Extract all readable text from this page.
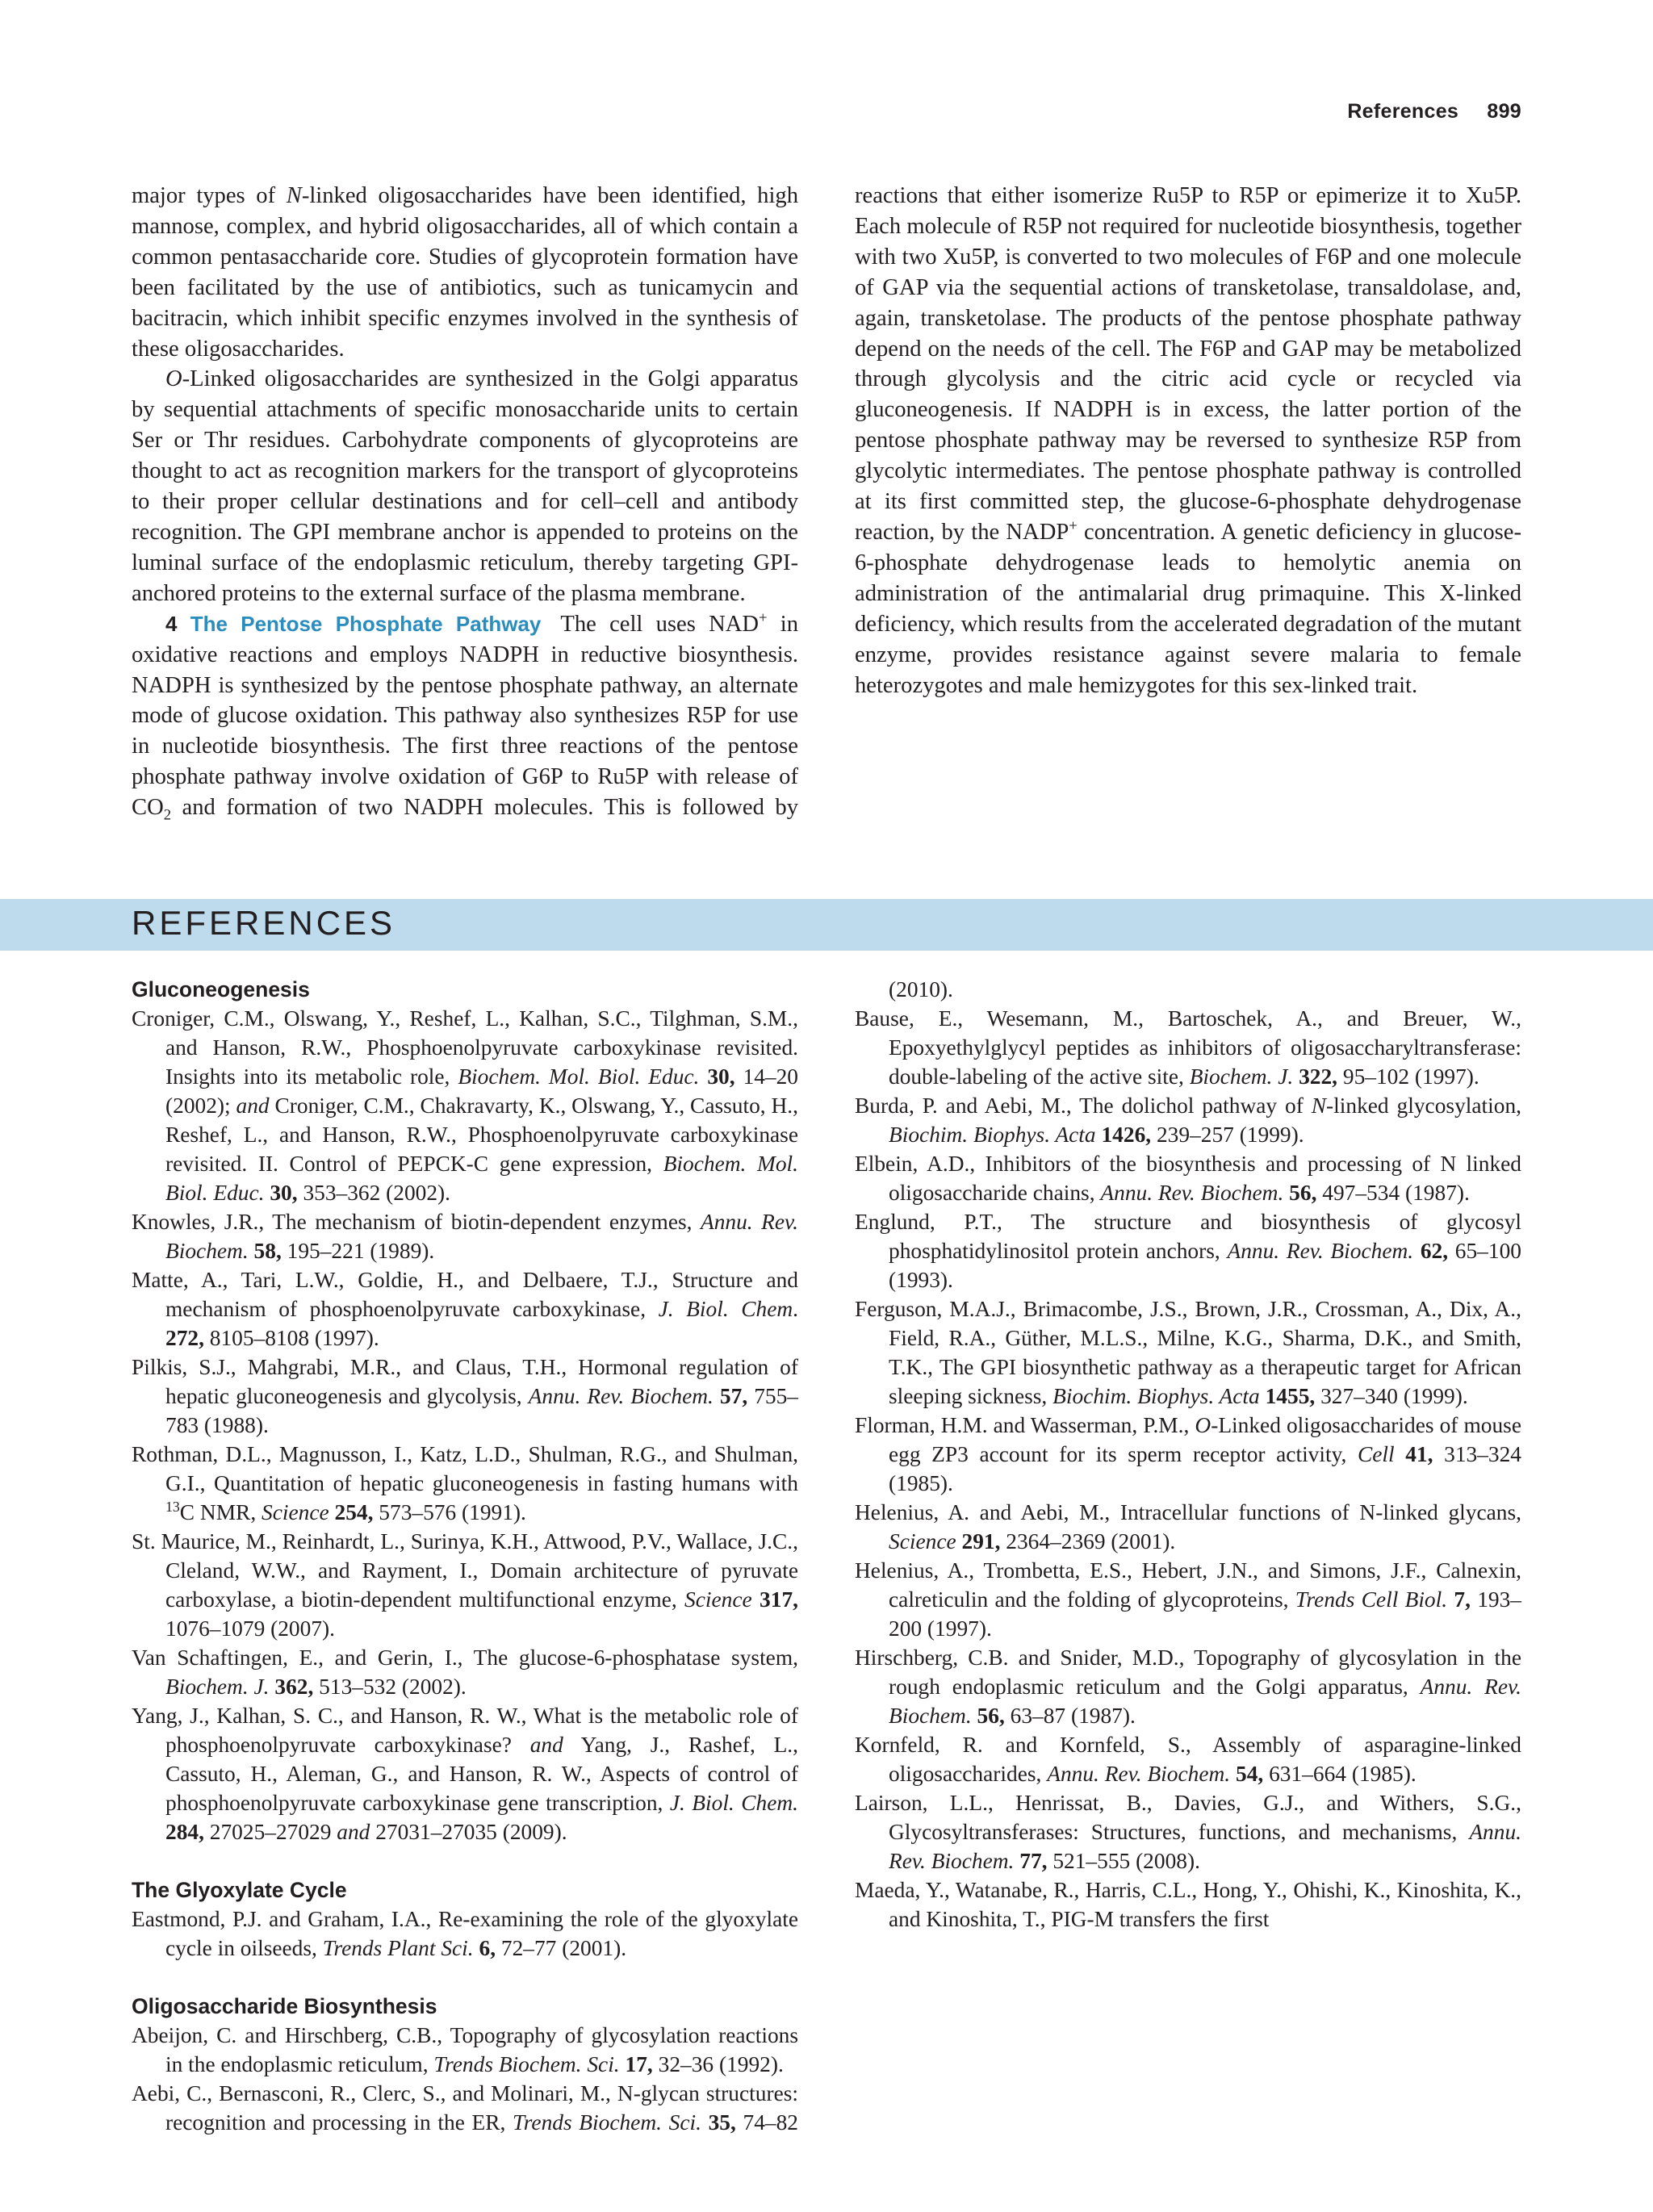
References 899

major types of N-linked oligosaccharides have been identified, high mannose, complex, and hybrid oligosaccharides, all of which contain a common pentasaccharide core. Studies of glycoprotein formation have been facilitated by the use of antibiotics, such as tunicamycin and bacitracin, which inhibit specific enzymes involved in the synthesis of these oligosaccharides.

O-Linked oligosaccharides are synthesized in the Golgi apparatus by sequential attachments of specific monosaccharide units to certain Ser or Thr residues. Carbohydrate components of glycoproteins are thought to act as recognition markers for the transport of glycoproteins to their proper cellular destinations and for cell–cell and antibody recognition. The GPI membrane anchor is appended to proteins on the luminal surface of the endoplasmic reticulum, thereby targeting GPI-anchored proteins to the external surface of the plasma membrane.

4 The Pentose Phosphate Pathway The cell uses NAD+ in oxidative reactions and employs NADPH in reductive biosynthesis. NADPH is synthesized by the pentose phosphate pathway, an alternate mode of glucose oxidation. This pathway also synthesizes R5P for use in nucleotide biosynthesis. The first three reactions of the pentose phosphate pathway involve oxidation of G6P to Ru5P with release of $CO_2$ and formation of two NADPH molecules. This is followed by reactions that either isomerize Ru5P to R5P or epimerize it to Xu5P. Each molecule of R5P not required for nucleotide biosynthesis, together with two Xu5P, is converted to two molecules of F6P and one molecule of GAP via the sequential actions of transketolase, transaldolase, and, again, transketolase. The products of the pentose phosphate pathway depend on the needs of the cell. The F6P and GAP may be metabolized through glycolysis and the citric acid cycle or recycled via gluconeogenesis. If NADPH is in excess, the latter portion of the pentose phosphate pathway may be reversed to synthesize R5P from glycolytic intermediates. The pentose phosphate pathway is controlled at its first committed step, the glucose-6-phosphate dehydrogenase reaction, by the NADP+ concentration. A genetic deficiency in glucose-6-phosphate dehydrogenase leads to hemolytic anemia on administration of the antimalarial drug primaquine. This X-linked deficiency, which results from the accelerated degradation of the mutant enzyme, provides resistance against severe malaria to female heterozygotes and male hemizygotes for this sex-linked trait.

REFERENCES
Gluconeogenesis
Croniger, C.M., Olswang, Y., Reshef, L., Kalhan, S.C., Tilghman, S.M., and Hanson, R.W., Phosphoenolpyruvate carboxykinase revisited. Insights into its metabolic role, Biochem. Mol. Biol. Educ. 30, 14–20 (2002); and Croniger, C.M., Chakravarty, K., Olswang, Y., Cassuto, H., Reshef, L., and Hanson, R.W., Phosphoenolpyruvate carboxykinase revisited. II. Control of PEPCK-C gene expression, Biochem. Mol. Biol. Educ. 30, 353–362 (2002).
Knowles, J.R., The mechanism of biotin-dependent enzymes, Annu. Rev. Biochem. 58, 195–221 (1989).
Matte, A., Tari, L.W., Goldie, H., and Delbaere, T.J., Structure and mechanism of phosphoenolpyruvate carboxykinase, J. Biol. Chem. 272, 8105–8108 (1997).
Pilkis, S.J., Mahgrabi, M.R., and Claus, T.H., Hormonal regulation of hepatic gluconeogenesis and glycolysis, Annu. Rev. Biochem. 57, 755–783 (1988).
Rothman, D.L., Magnusson, I., Katz, L.D., Shulman, R.G., and Shulman, G.I., Quantitation of hepatic gluconeogenesis in fasting humans with $^{13}$C NMR, Science 254, 573–576 (1991).
St. Maurice, M., Reinhardt, L., Surinya, K.H., Attwood, P.V., Wallace, J.C., Cleland, W.W., and Rayment, I., Domain architecture of pyruvate carboxylase, a biotin-dependent multifunctional enzyme, Science 317, 1076–1079 (2007).
Van Schaftingen, E., and Gerin, I., The glucose-6-phosphatase system, Biochem. J. 362, 513–532 (2002).
Yang, J., Kalhan, S. C., and Hanson, R. W., What is the metabolic role of phosphoenolpyruvate carboxykinase? and Yang, J., Rashef, L., Cassuto, H., Aleman, G., and Hanson, R. W., Aspects of control of phosphoenolpyruvate carboxykinase gene transcription, J. Biol. Chem. 284, 27025–27029 and 27031–27035 (2009).
The Glyoxylate Cycle
Eastmond, P.J. and Graham, I.A., Re-examining the role of the glyoxylate cycle in oilseeds, Trends Plant Sci. 6, 72–77 (2001).
Oligosaccharide Biosynthesis
Abeijon, C. and Hirschberg, C.B., Topography of glycosylation reactions in the endoplasmic reticulum, Trends Biochem. Sci. 17, 32–36 (1992).
Aebi, C., Bernasconi, R., Clerc, S., and Molinari, M., N-glycan structures: recognition and processing in the ER, Trends Biochem. Sci. 35, 74–82 (2010).
Bause, E., Wesemann, M., Bartoschek, A., and Breuer, W., Epoxyethylglycyl peptides as inhibitors of oligosaccharyltransferase: double-labeling of the active site, Biochem. J. 322, 95–102 (1997).
Burda, P. and Aebi, M., The dolichol pathway of N-linked glycosylation, Biochim. Biophys. Acta 1426, 239–257 (1999).
Elbein, A.D., Inhibitors of the biosynthesis and processing of N linked oligosaccharide chains, Annu. Rev. Biochem. 56, 497–534 (1987).
Englund, P.T., The structure and biosynthesis of glycosyl phosphatidylinositol protein anchors, Annu. Rev. Biochem. 62, 65–100 (1993).
Ferguson, M.A.J., Brimacombe, J.S., Brown, J.R., Crossman, A., Dix, A., Field, R.A., Güther, M.L.S., Milne, K.G., Sharma, D.K., and Smith, T.K., The GPI biosynthetic pathway as a therapeutic target for African sleeping sickness, Biochim. Biophys. Acta 1455, 327–340 (1999).
Florman, H.M. and Wasserman, P.M., O-Linked oligosaccharides of mouse egg ZP3 account for its sperm receptor activity, Cell 41, 313–324 (1985).
Helenius, A. and Aebi, M., Intracellular functions of N-linked glycans, Science 291, 2364–2369 (2001).
Helenius, A., Trombetta, E.S., Hebert, J.N., and Simons, J.F., Calnexin, calreticulin and the folding of glycoproteins, Trends Cell Biol. 7, 193–200 (1997).
Hirschberg, C.B. and Snider, M.D., Topography of glycosylation in the rough endoplasmic reticulum and the Golgi apparatus, Annu. Rev. Biochem. 56, 63–87 (1987).
Kornfeld, R. and Kornfeld, S., Assembly of asparagine-linked oligosaccharides, Annu. Rev. Biochem. 54, 631–664 (1985).
Lairson, L.L., Henrissat, B., Davies, G.J., and Withers, S.G., Glycosyltransferases: Structures, functions, and mechanisms, Annu. Rev. Biochem. 77, 521–555 (2008).
Maeda, Y., Watanabe, R., Harris, C.L., Hong, Y., Ohishi, K., Kinoshita, K., and Kinoshita, T., PIG-M transfers the first
